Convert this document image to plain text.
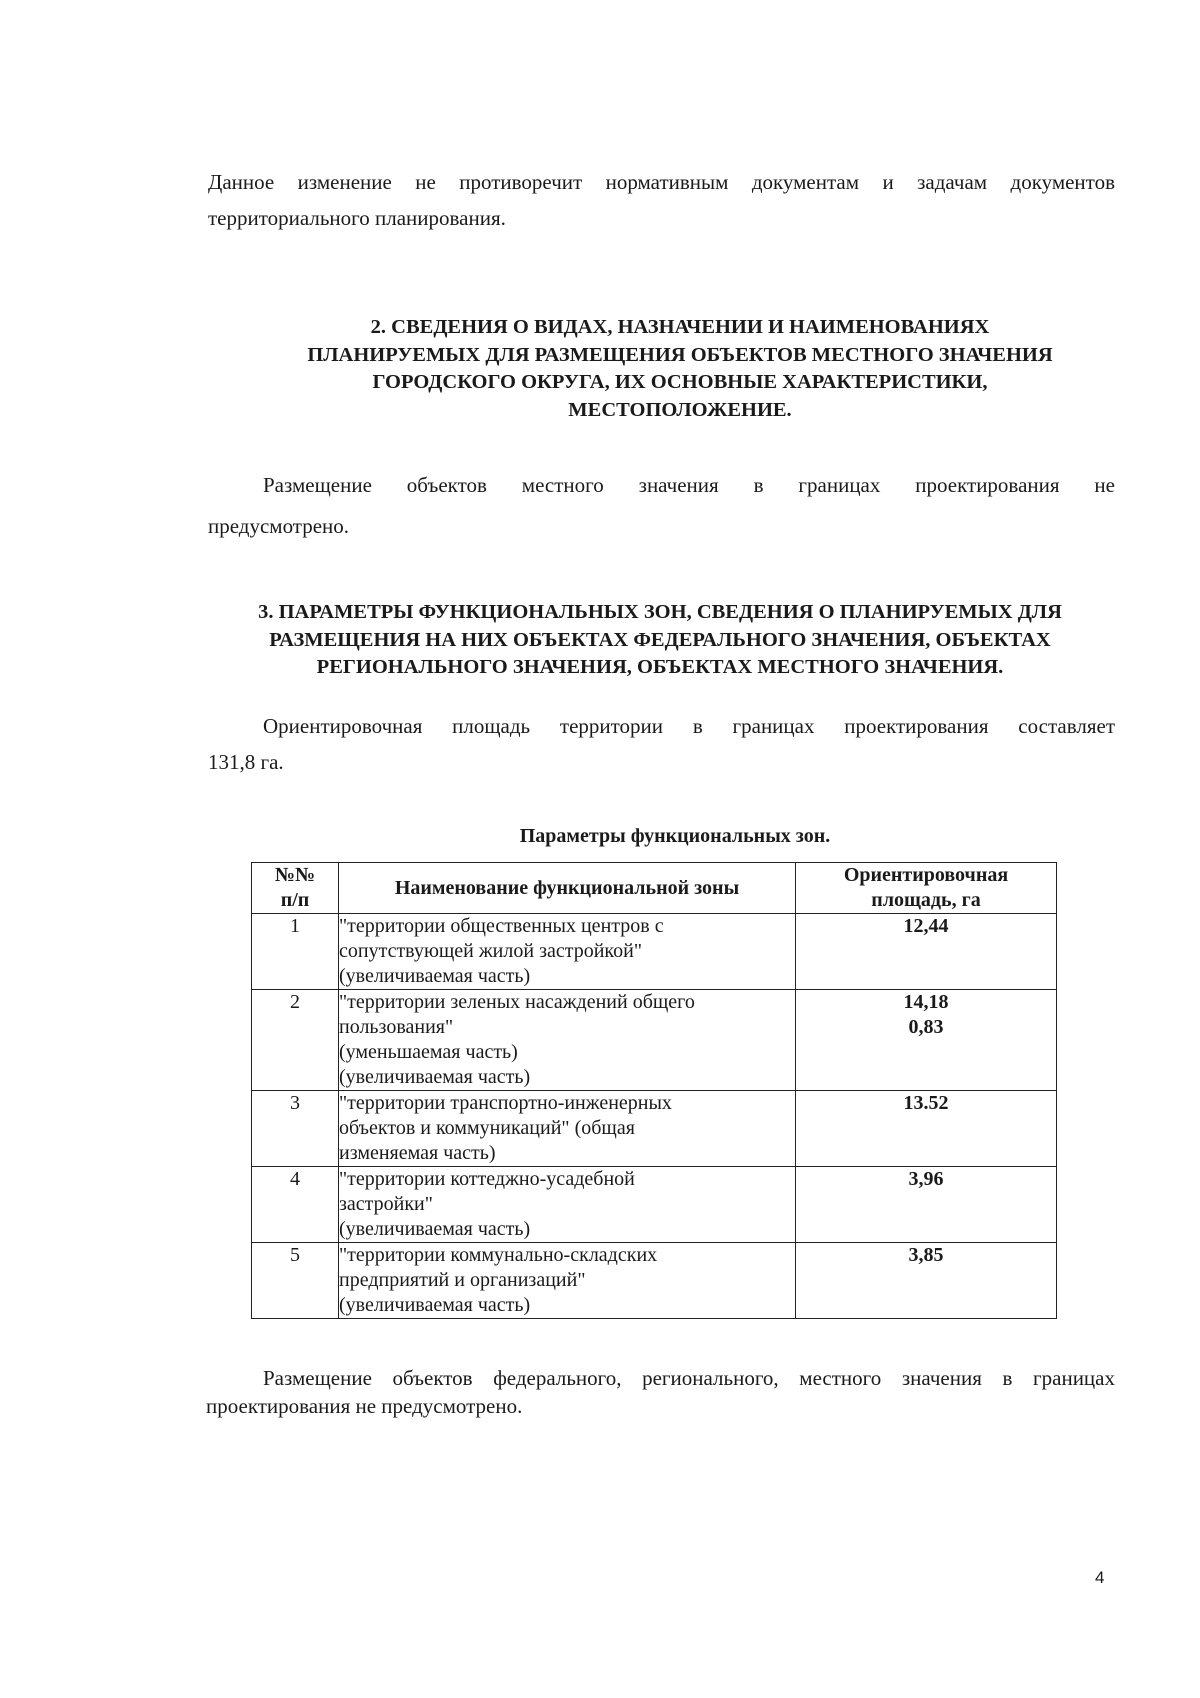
Данное изменение не противоречит нормативным документам и задачам документов территориального планирования.

2. СВЕДЕНИЯ О ВИДАХ, НАЗНАЧЕНИИ И НАИМЕНОВАНИЯХ
ПЛАНИРУЕМЫХ ДЛЯ РАЗМЕЩЕНИЯ ОБЪЕКТОВ МЕСТНОГО ЗНАЧЕНИЯ
ГОРОДСКОГО ОКРУГА, ИХ ОСНОВНЫЕ ХАРАКТЕРИСТИКИ,
МЕСТОПОЛОЖЕНИЕ.

Размещение объектов местного значения в границах проектирования не

предусмотрено.

3. ПАРАМЕТРЫ ФУНКЦИОНАЛЬНЫХ ЗОН, СВЕДЕНИЯ О ПЛАНИРУЕМЫХ ДЛЯ
РАЗМЕЩЕНИЯ НА НИХ ОБЪЕКТАХ ФЕДЕРАЛЬНОГО ЗНАЧЕНИЯ, ОБЪЕКТАХ
РЕГИОНАЛЬНОГО ЗНАЧЕНИЯ, ОБЪЕКТАХ МЕСТНОГО ЗНАЧЕНИЯ.

Ориентировочная площадь территории в границах проектирования составляет

131,8 га.

Параметры функциональных зон.

№№
п/п	Наименование функциональной зоны	Ориентировочная
площадь, га

1	"территории общественных центров с
сопутствующей жилой застройкой"
(увеличиваемая часть)	12,44

2	"территории зеленых насаждений общего
пользования"
(уменьшаемая часть)
(увеличиваемая часть)	14,18
0,83

3	"территории транспортно-инженерных
объектов и коммуникаций" (общая
изменяемая часть)	13.52

4	"территории коттеджно-усадебной
застройки"
(увеличиваемая часть)	3,96

5	"территории коммунально-складских
предприятий и организаций"
(увеличиваемая часть)	3,85

Размещение объектов федерального, регионального, местного значения в границах

проектирования не предусмотрено.

4
